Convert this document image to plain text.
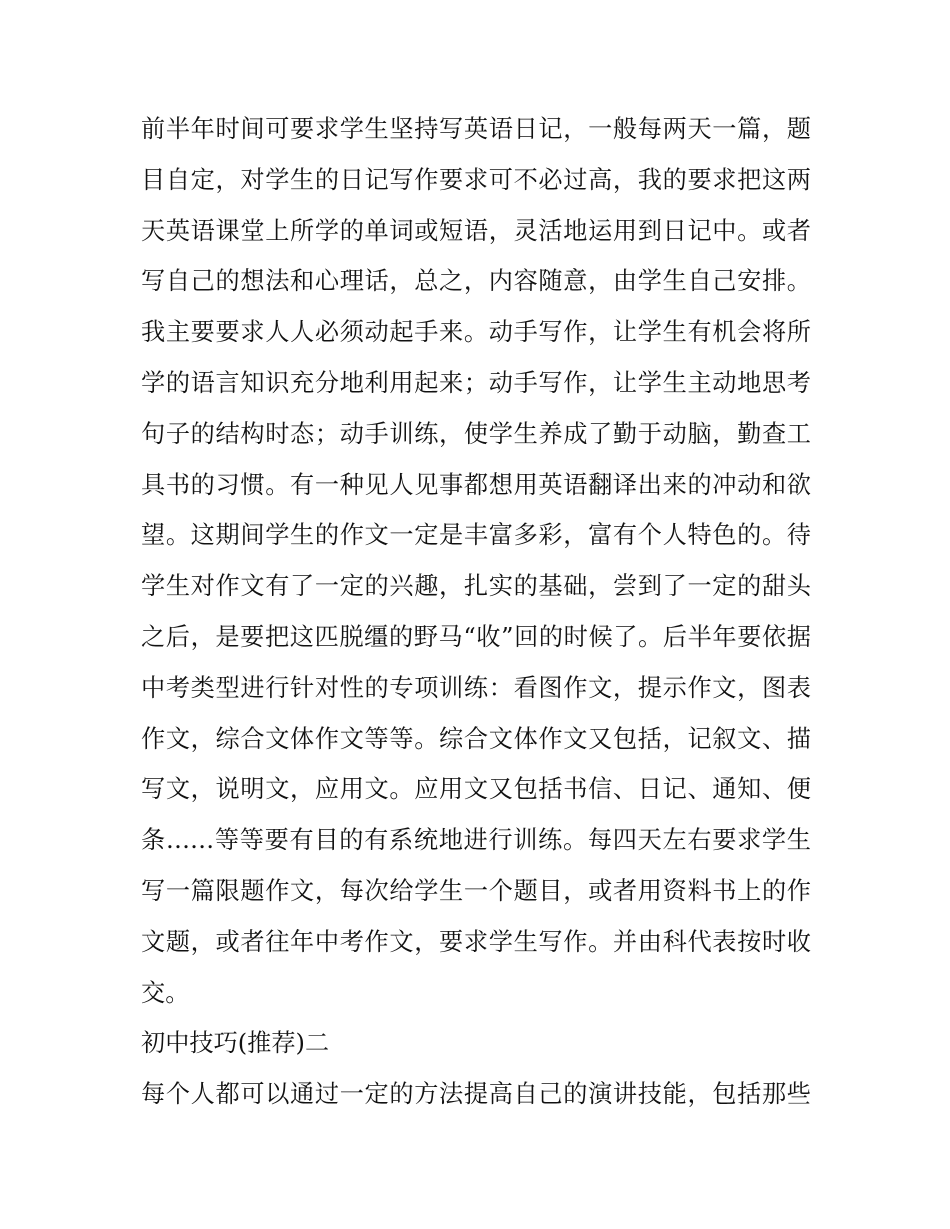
前半年时间可要求学生坚持写英语日记，一般每两天一篇，题
目自定，对学生的日记写作要求可不必过高，我的要求把这两
天英语课堂上所学的单词或短语，灵活地运用到日记中。或者
写自己的想法和心理话，总之，内容随意，由学生自己安排。
我主要要求人人必须动起手来。动手写作，让学生有机会将所
学的语言知识充分地利用起来；动手写作，让学生主动地思考
句子的结构时态；动手训练，使学生养成了勤于动脑，勤查工
具书的习惯。有一种见人见事都想用英语翻译出来的冲动和欲
望。这期间学生的作文一定是丰富多彩，富有个人特色的。待
学生对作文有了一定的兴趣，扎实的基础，尝到了一定的甜头
之后，是要把这匹脱缰的野马“收”回的时候了。后半年要依据
中考类型进行针对性的专项训练：看图作文，提示作文，图表
作文，综合文体作文等等。综合文体作文又包括，记叙文、描
写文，说明文，应用文。应用文又包括书信、日记、通知、便
条……等等要有目的有系统地进行训练。每四天左右要求学生
写一篇限题作文，每次给学生一个题目，或者用资料书上的作
文题，或者往年中考作文，要求学生写作。并由科代表按时收
交。
初中技巧(推荐)二
每个人都可以通过一定的方法提高自己的演讲技能，包括那些
